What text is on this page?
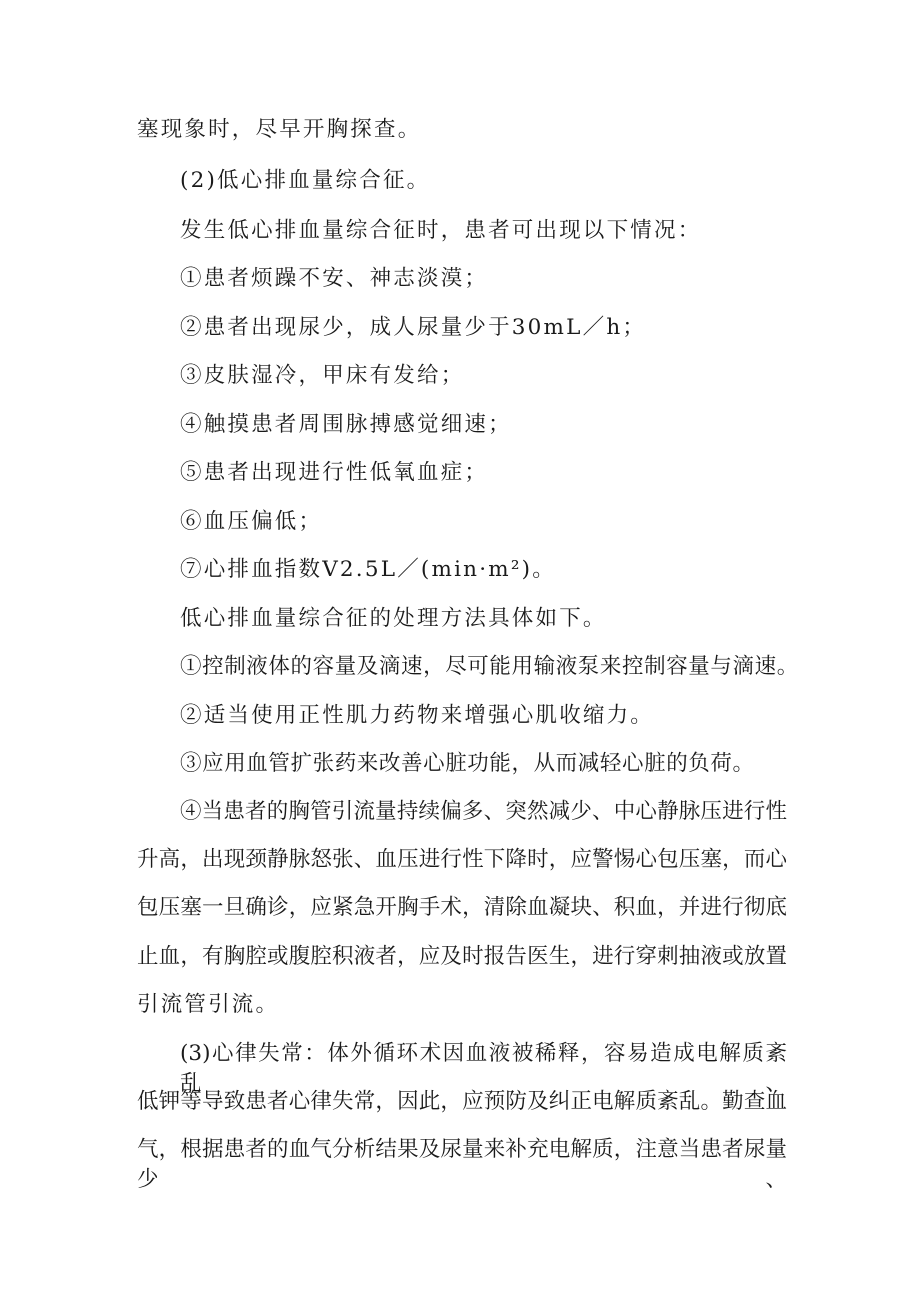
塞现象时，尽早开胸探查。

(2)低心排血量综合征。

发生低心排血量综合征时，患者可出现以下情况：

①患者烦躁不安、神志淡漠；

②患者出现尿少，成人尿量少于30mL／h；

③皮肤湿冷，甲床有发给；

④触摸患者周围脉搏感觉细速；

⑤患者出现进行性低氧血症；

⑥血压偏低；

⑦心排血指数V2.5L／(min·m²)。

低心排血量综合征的处理方法具体如下。

①控制液体的容量及滴速，尽可能用输液泵来控制容量与滴速。

②适当使用正性肌力药物来增强心肌收缩力。

③应用血管扩张药来改善心脏功能，从而减轻心脏的负荷。

④当患者的胸管引流量持续偏多、突然减少、中心静脉压进行性

升高，出现颈静脉怒张、血压进行性下降时，应警惕心包压塞，而心

包压塞一旦确诊，应紧急开胸手术，清除血凝块、积血，并进行彻底

止血，有胸腔或腹腔积液者，应及时报告医生，进行穿刺抽液或放置

引流管引流。

(3)心律失常：体外循环术因血液被稀释，容易造成电解质紊乱、

低钾等导致患者心律失常，因此，应预防及纠正电解质紊乱。勤查血

气，根据患者的血气分析结果及尿量来补充电解质，注意当患者尿量少、
